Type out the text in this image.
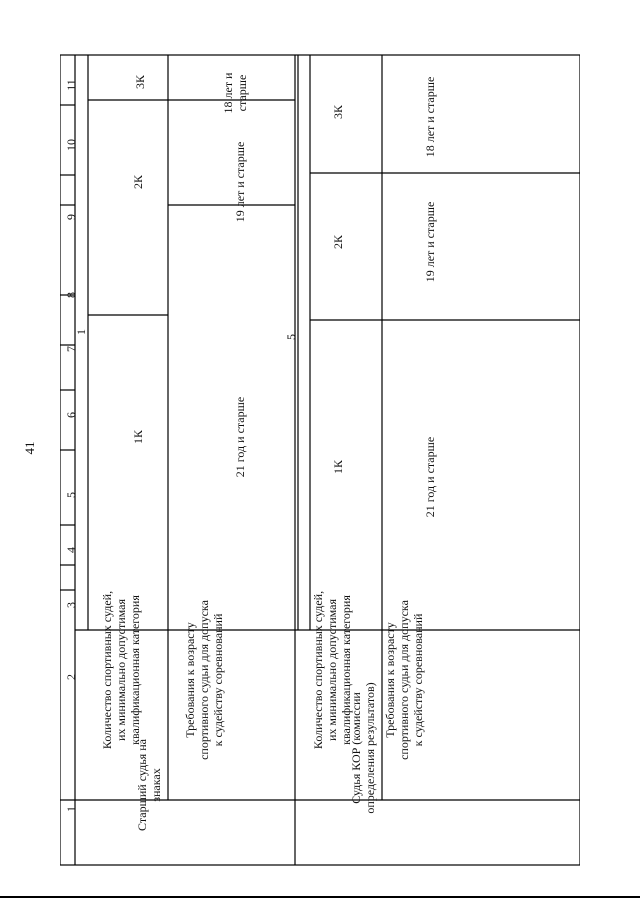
41
1
2
3
4
5
6
7
8
9
10
11
Старший судья на знаках
Количество спортивных судей, их минимально допустимая квалификационная категория	Требования к возрасту спортивного судьи для допуска к судейству соревнований
1
1К
2К
3К
21 год и старше
19 лет и старше
18 лет и старше
Судья КОР (комиссии определения результатов)
Количество спортивных судей, их минимально допустимая квалификационная категория	Требования к возрасту спортивного судьи для допуска к судейству соревнований
5
1К
2К
3К
21 год и старше
19 лет и старше
18 лет и старше
